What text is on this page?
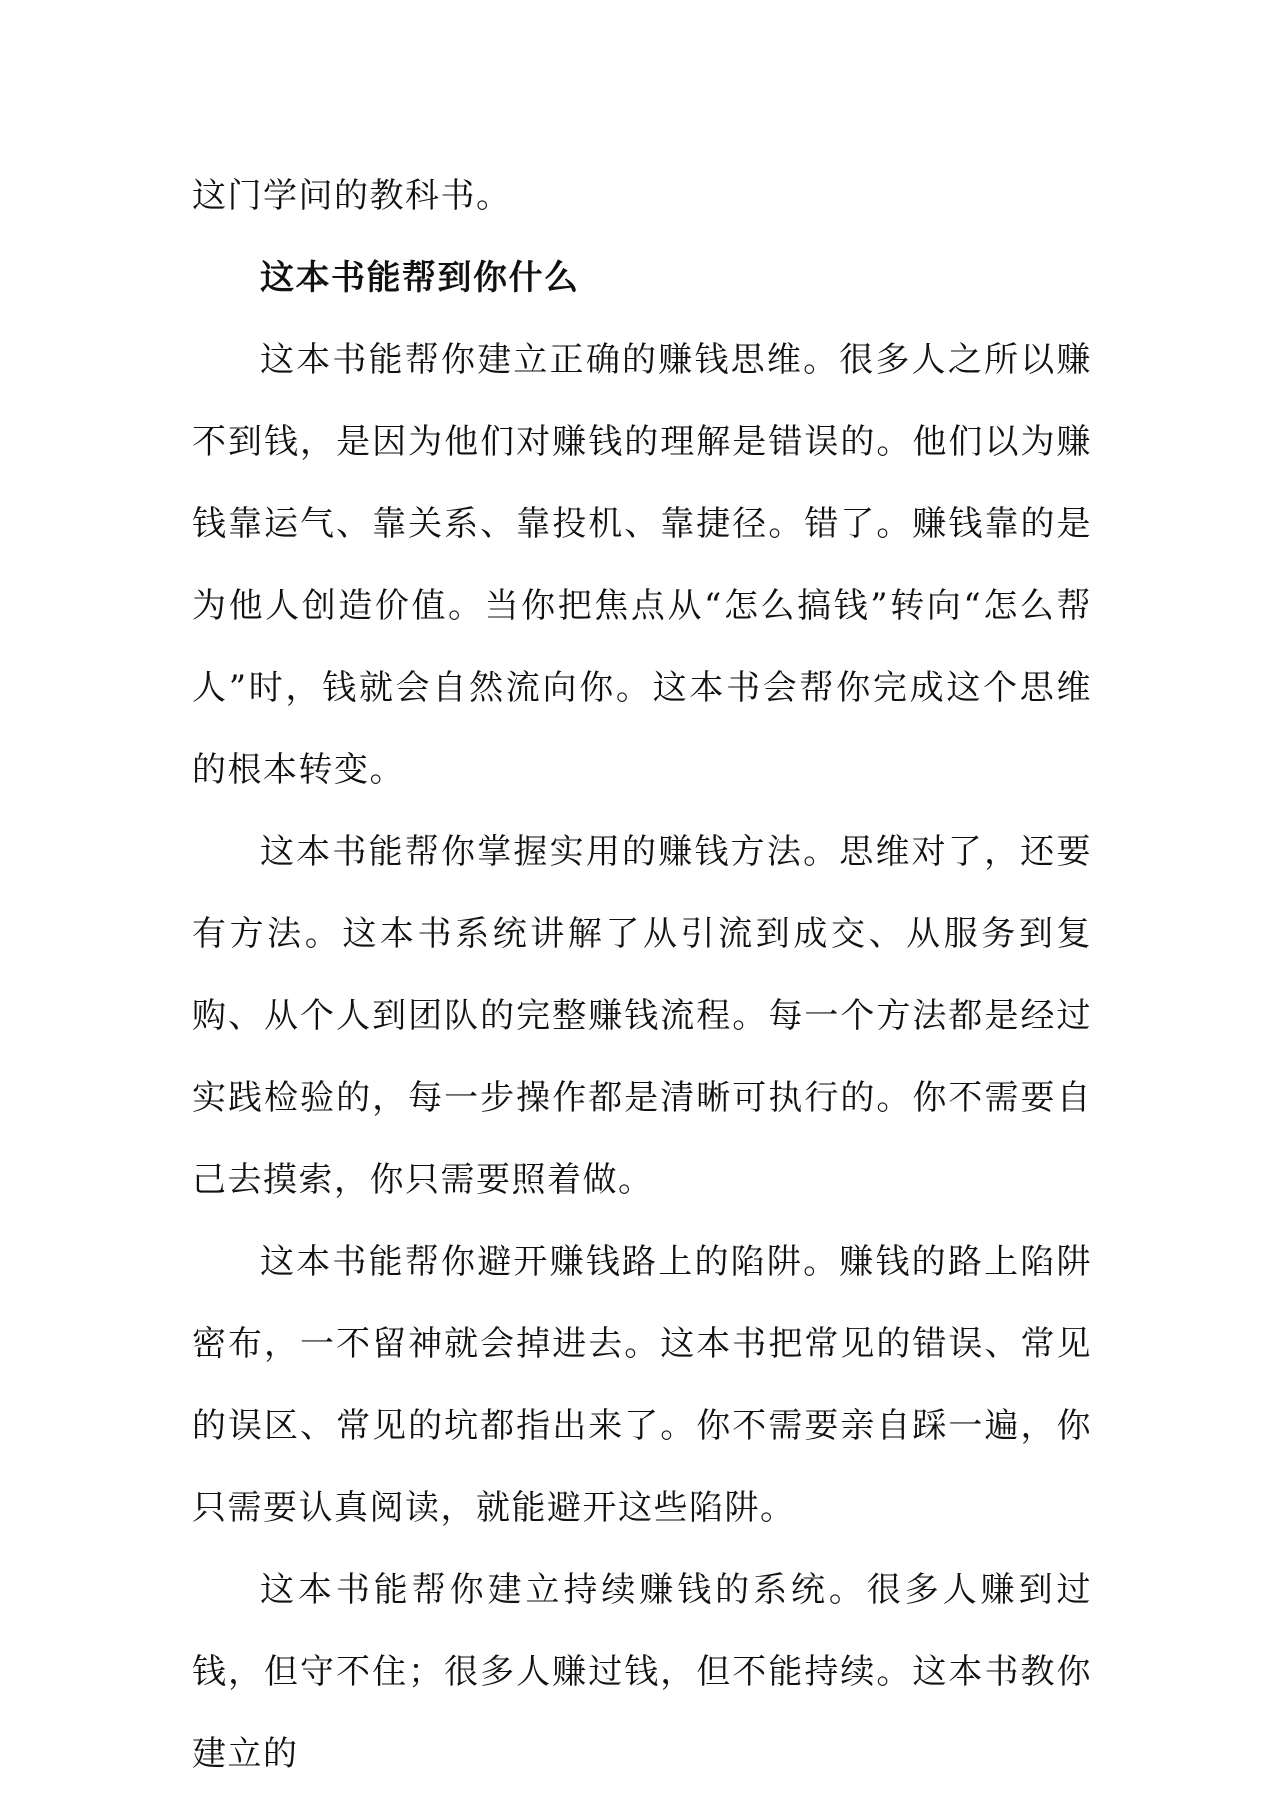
这门学问的教科书。

这本书能帮到你什么

这本书能帮你建立正确的赚钱思维。很多人之所以赚不到钱，是因为他们对赚钱的理解是错误的。他们以为赚钱靠运气、靠关系、靠投机、靠捷径。错了。赚钱靠的是为他人创造价值。当你把焦点从“怎么搞钱”转向“怎么帮人”时，钱就会自然流向你。这本书会帮你完成这个思维的根本转变。

这本书能帮你掌握实用的赚钱方法。思维对了，还要有方法。这本书系统讲解了从引流到成交、从服务到复购、从个人到团队的完整赚钱流程。每一个方法都是经过实践检验的，每一步操作都是清晰可执行的。你不需要自己去摸索，你只需要照着做。

这本书能帮你避开赚钱路上的陷阱。赚钱的路上陷阱密布，一不留神就会掉进去。这本书把常见的错误、常见的误区、常见的坑都指出来了。你不需要亲自踩一遍，你只需要认真阅读，就能避开这些陷阱。

这本书能帮你建立持续赚钱的系统。很多人赚到过钱，但守不住；很多人赚过钱，但不能持续。这本书教你建立的
